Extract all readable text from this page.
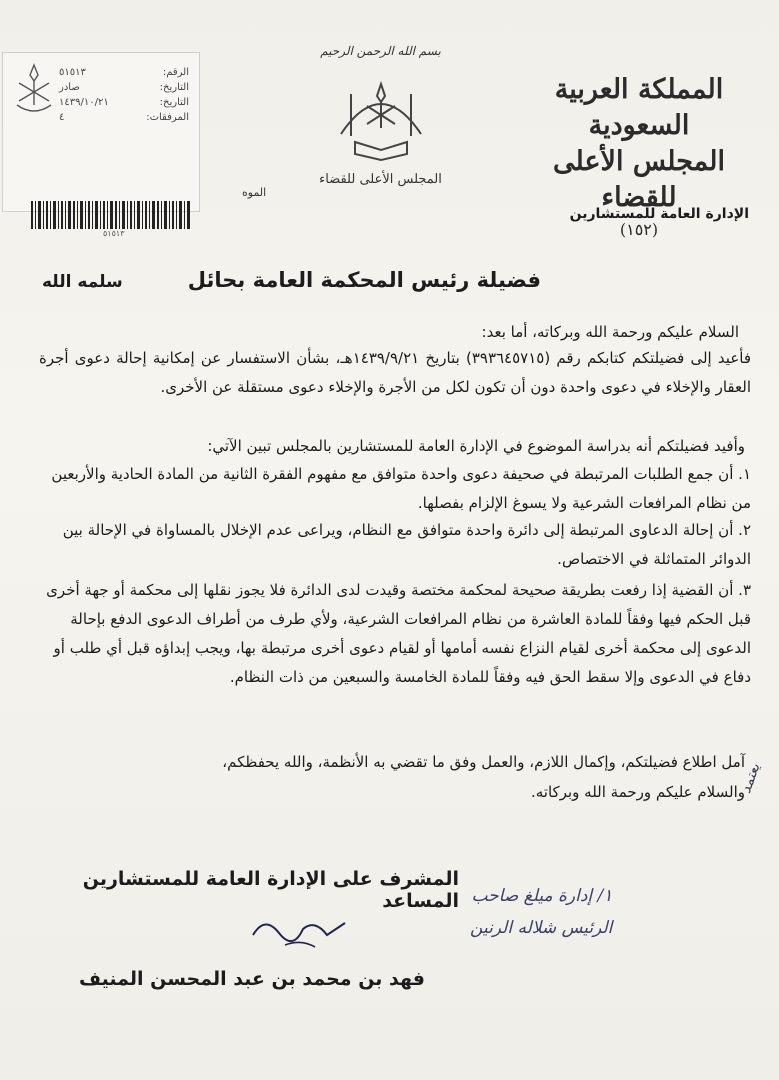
الرقم:
٥١٥١٣
التاريخ:
صادر
التاريخ:
١٤٣٩/١٠/٢١
المرفقات:
٤
٥١٥١٣
الموه
بسم الله الرحمن الرحيم
المجلس الأعلى للقضاء
المملكة العربية السعودية
المجلس الأعلى للقضاء
(١٥٢)
الإدارة العامة للمستشارين
فضيلة رئيس المحكمة العامة بحائل
سلمه الله
السلام عليكم ورحمة الله وبركاته، أما بعد:
فأعيد إلى فضيلتكم كتابكم رقم (٣٩٣٦٤٥٧١٥) بتاريخ ١٤٣٩/٩/٢١هـ، بشأن الاستفسار عن إمكانية إحالة دعوى أجرة العقار والإخلاء في دعوى واحدة دون أن تكون لكل من الأجرة والإخلاء دعوى مستقلة عن الأخرى.
وأفيد فضيلتكم أنه بدراسة الموضوع في الإدارة العامة للمستشارين بالمجلس تبين الآتي:
١. أن جمع الطلبات المرتبطة في صحيفة دعوى واحدة متوافق مع مفهوم الفقرة الثانية من المادة الحادية والأربعين من نظام المرافعات الشرعية ولا يسوغ الإلزام بفصلها.
٢. أن إحالة الدعاوى المرتبطة إلى دائرة واحدة متوافق مع النظام، ويراعى عدم الإخلال بالمساواة في الإحالة بين الدوائر المتماثلة في الاختصاص.
٣. أن القضية إذا رفعت بطريقة صحيحة لمحكمة مختصة وقيدت لدى الدائرة فلا يجوز نقلها إلى محكمة أو جهة أخرى قبل الحكم فيها وفقاً للمادة العاشرة من نظام المرافعات الشرعية، ولأي طرف من أطراف الدعوى الدفع بإحالة الدعوى إلى محكمة أخرى لقيام النزاع نفسه أمامها أو لقيام دعوى أخرى مرتبطة بها، ويجب إبداؤه قبل أي طلب أو دفاع في الدعوى وإلا سقط الحق فيه وفقاً للمادة الخامسة والسبعين من ذات النظام.
آمل اطلاع فضيلتكم، وإكمال اللازم، والعمل وفق ما تقضي به الأنظمة، والله يحفظكم،
والسلام عليكم ورحمة الله وبركاته.
المشرف على الإدارة العامة للمستشارين المساعد
فهد بن محمد بن عبد المحسن المنيف
١/ إدارة ميلغ صاحب
الرئيس شلاله الرنين
يعتمد
